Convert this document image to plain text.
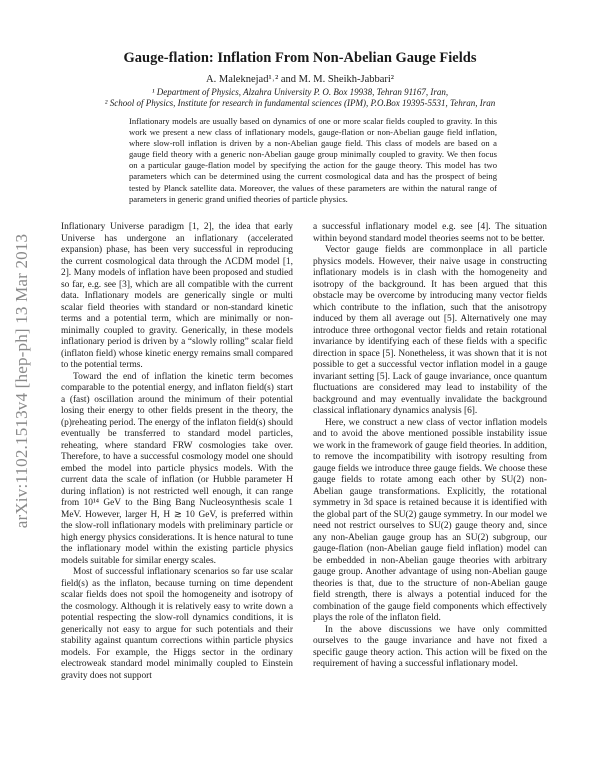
arXiv:1102.1513v4 [hep-ph] 13 Mar 2013
Gauge-flation: Inflation From Non-Abelian Gauge Fields
A. Maleknejad¹˒² and M. M. Sheikh-Jabbari²
¹ Department of Physics, Alzahra University P. O. Box 19938, Tehran 91167, Iran,
² School of Physics, Institute for research in fundamental sciences (IPM), P.O.Box 19395-5531, Tehran, Iran

Inflationary models are usually based on dynamics of one or more scalar fields coupled to gravity. In this work we present a new class of inflationary models, gauge-flation or non-Abelian gauge field inflation, where slow-roll inflation is driven by a non-Abelian gauge field. This class of models are based on a gauge field theory with a generic non-Abelian gauge group minimally coupled to gravity. We then focus on a particular gauge-flation model by specifying the action for the gauge theory. This model has two parameters which can be determined using the current cosmological data and has the prospect of being tested by Planck satellite data. Moreover, the values of these parameters are within the natural range of parameters in generic grand unified theories of particle physics.

Inflationary Universe paradigm [1, 2], the idea that early Universe has undergone an inflationary (accelerated expansion) phase, has been very successful in reproducing the current cosmological data through the ΛCDM model [1, 2]. Many models of inflation have been proposed and studied so far, e.g. see [3], which are all compatible with the current data. Inflationary models are generically single or multi scalar field theories with standard or non-standard kinetic terms and a potential term, which are minimally or non-minimally coupled to gravity. Generically, in these models inflationary period is driven by a “slowly rolling” scalar field (inflaton field) whose kinetic energy remains small compared to the potential terms.

Toward the end of inflation the kinetic term becomes comparable to the potential energy, and inflaton field(s) start a (fast) oscillation around the minimum of their potential losing their energy to other fields present in the theory, the (p)reheating period. The energy of the inflaton field(s) should eventually be transferred to standard model particles, reheating, where standard FRW cosmologies take over. Therefore, to have a successful cosmology model one should embed the model into particle physics models. With the current data the scale of inflation (or Hubble parameter H during inflation) is not restricted well enough, it can range from 10¹⁴ GeV to the Bing Bang Nucleosynthesis scale 1 MeV. However, larger H, H ≳ 10 GeV, is preferred within the slow-roll inflationary models with preliminary particle or high energy physics considerations. It is hence natural to tune the inflationary model within the existing particle physics models suitable for similar energy scales.

Most of successful inflationary scenarios so far use scalar field(s) as the inflaton, because turning on time dependent scalar fields does not spoil the homogeneity and isotropy of the cosmology. Although it is relatively easy to write down a potential respecting the slow-roll dynamics conditions, it is generically not easy to argue for such potentials and their stability against quantum corrections within particle physics models. For example, the Higgs sector in the ordinary electroweak standard model minimally coupled to Einstein gravity does not support

a successful inflationary model e.g. see [4]. The situation within beyond standard model theories seems not to be better.

Vector gauge fields are commonplace in all particle physics models. However, their naive usage in constructing inflationary models is in clash with the homogeneity and isotropy of the background. It has been argued that this obstacle may be overcome by introducing many vector fields which contribute to the inflation, such that the anisotropy induced by them all average out [5]. Alternatively one may introduce three orthogonal vector fields and retain rotational invariance by identifying each of these fields with a specific direction in space [5]. Nonetheless, it was shown that it is not possible to get a successful vector inflation model in a gauge invariant setting [5]. Lack of gauge invariance, once quantum fluctuations are considered may lead to instability of the background and may eventually invalidate the background classical inflationary dynamics analysis [6].

Here, we construct a new class of vector inflation models and to avoid the above mentioned possible instability issue we work in the framework of gauge field theories. In addition, to remove the incompatibility with isotropy resulting from gauge fields we introduce three gauge fields. We choose these gauge fields to rotate among each other by SU(2) non-Abelian gauge transformations. Explicitly, the rotational symmetry in 3d space is retained because it is identified with the global part of the SU(2) gauge symmetry. In our model we need not restrict ourselves to SU(2) gauge theory and, since any non-Abelian gauge group has an SU(2) subgroup, our gauge-flation (non-Abelian gauge field inflation) model can be embedded in non-Abelian gauge theories with arbitrary gauge group. Another advantage of using non-Abelian gauge theories is that, due to the structure of non-Abelian gauge field strength, there is always a potential induced for the combination of the gauge field components which effectively plays the role of the inflaton field.

In the above discussions we have only committed ourselves to the gauge invariance and have not fixed a specific gauge theory action. This action will be fixed on the requirement of having a successful inflationary model.
